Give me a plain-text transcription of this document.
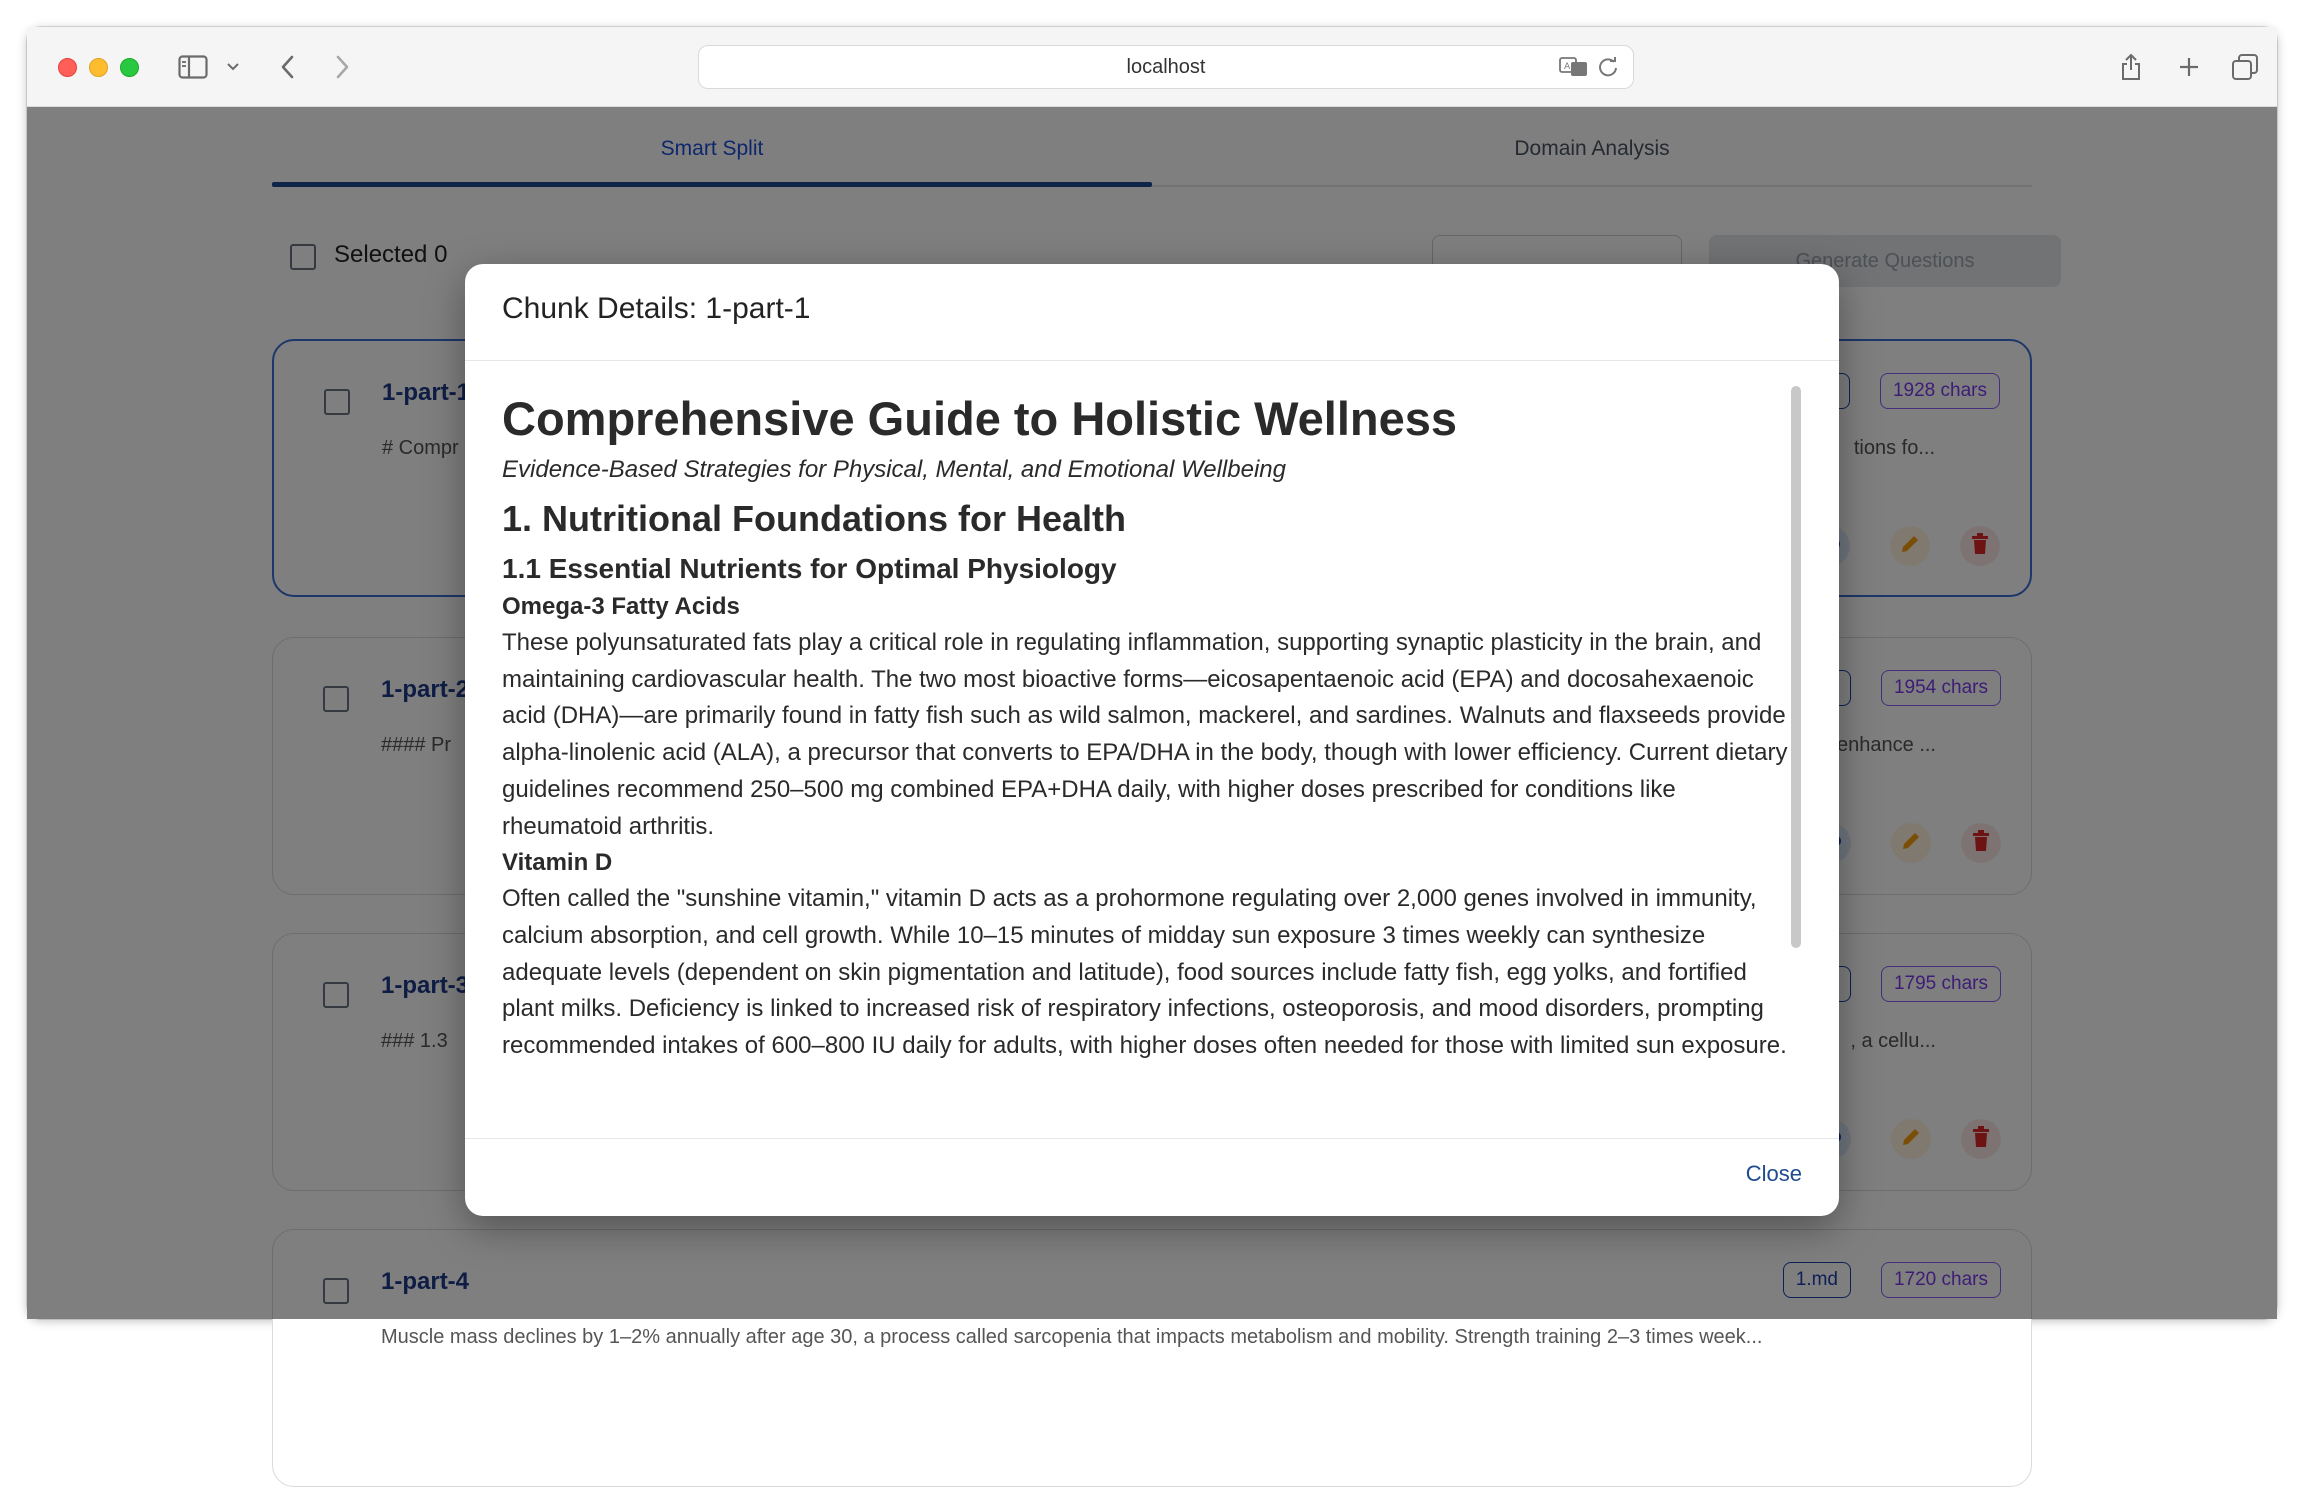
localhost	A
Muscle mass declines by 1–2% annually after age 30, a process called sarcopenia that impacts metabolism and mobility. Strength training 2–3 times week...
Chunk Details: 1-part-1
Comprehensive Guide to Holistic Wellness
Evidence-Based Strategies for Physical, Mental, and Emotional Wellbeing
1. Nutritional Foundations for Health
1.1 Essential Nutrients for Optimal Physiology
Omega-3 Fatty Acids

These polyunsaturated fats play a critical role in regulating inflammation, supporting synaptic plasticity in the brain, and maintaining cardiovascular health. The two most bioactive forms—eicosapentaenoic acid (EPA) and docosahexaenoic acid (DHA)—are primarily found in fatty fish such as wild salmon, mackerel, and sardines. Walnuts and flaxseeds provide alpha-linolenic acid (ALA), a precursor that converts to EPA/DHA in the body, though with lower efficiency. Current dietary guidelines recommend 250–500 mg combined EPA+DHA daily, with higher doses prescribed for conditions like rheumatoid arthritis.

Vitamin D

Often called the "sunshine vitamin," vitamin D acts as a prohormone regulating over 2,000 genes involved in immunity, calcium absorption, and cell growth. While 10–15 minutes of midday sun exposure 3 times weekly can synthesize adequate levels (dependent on skin pigmentation and latitude), food sources include fatty fish, egg yolks, and fortified plant milks. Deficiency is linked to increased risk of respiratory infections, osteoporosis, and mood disorders, prompting recommended intakes of 600–800 IU daily for adults, with higher doses often needed for those with limited sun exposure.

Close
